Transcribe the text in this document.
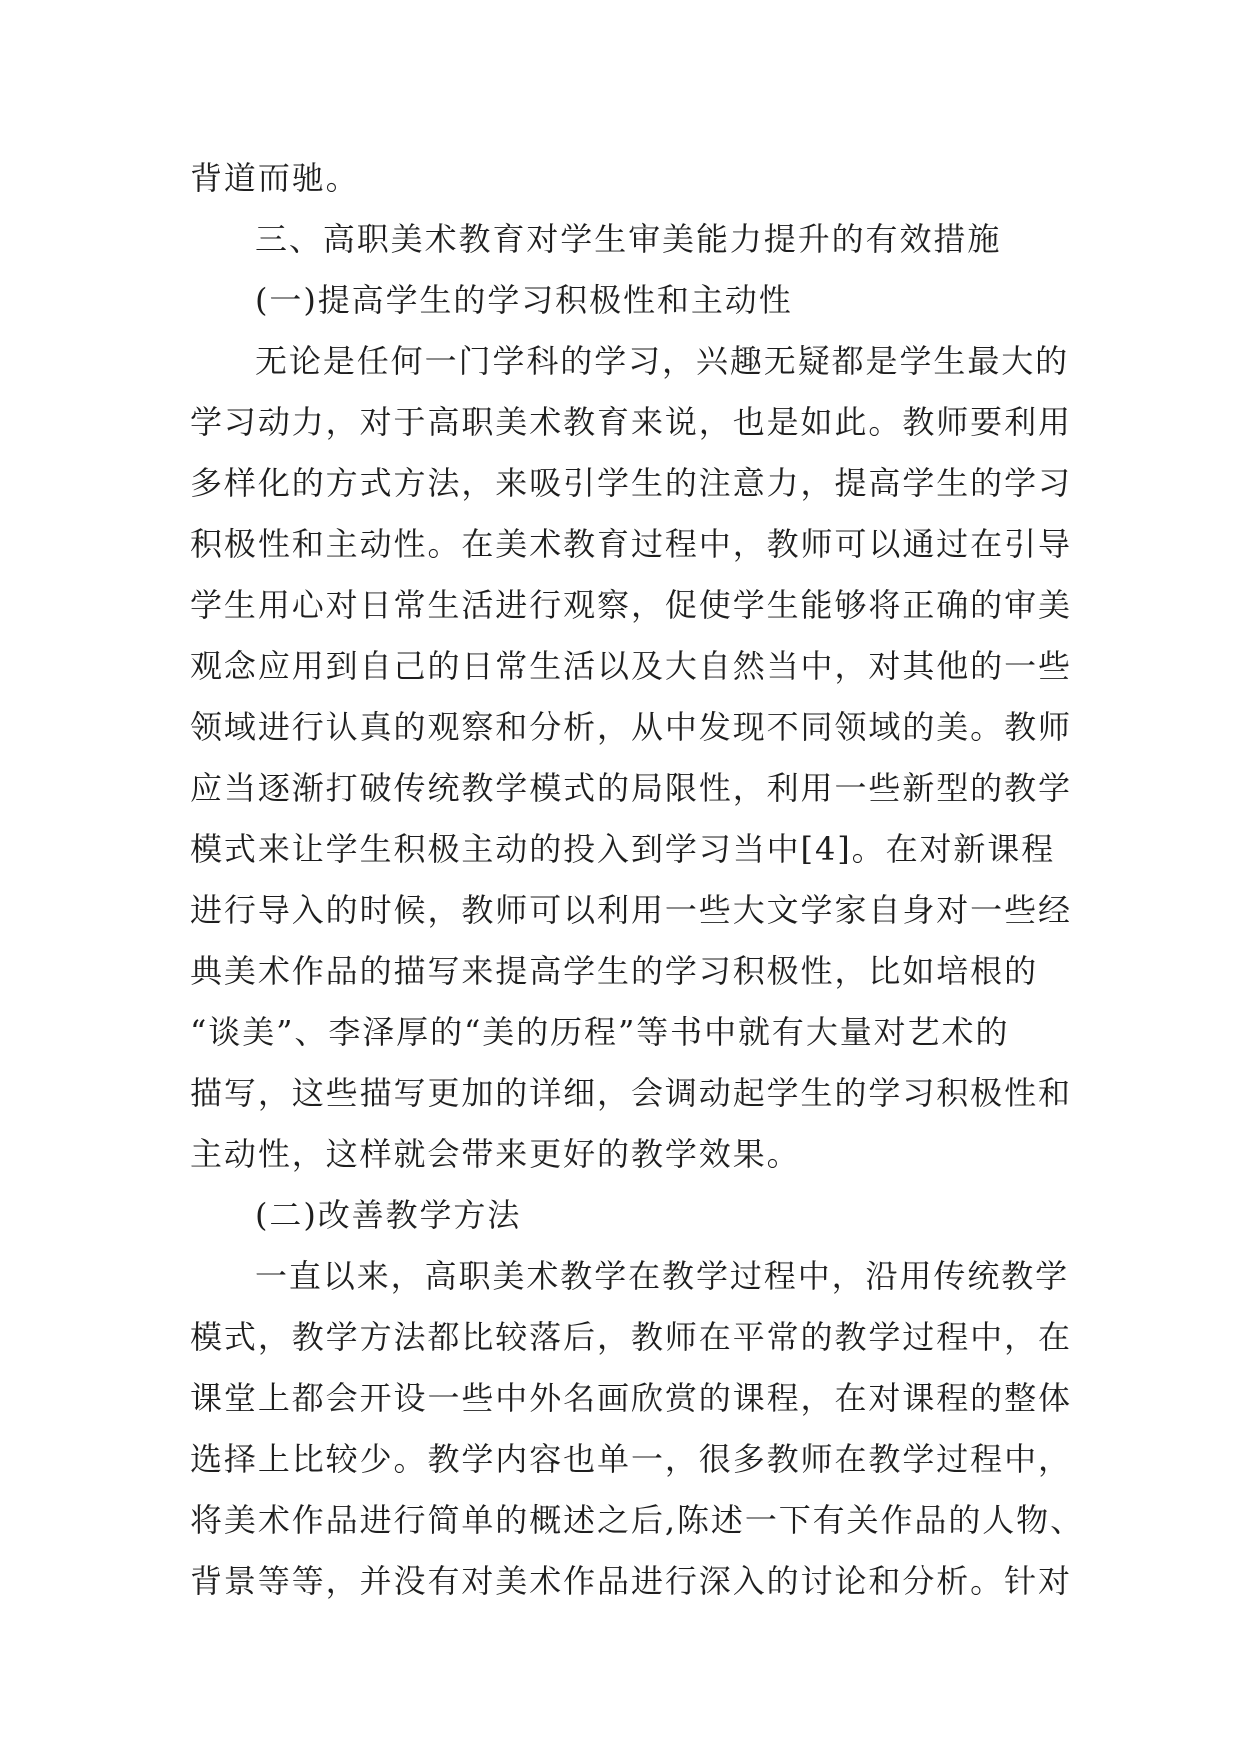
背道而驰。
三、高职美术教育对学生审美能力提升的有效措施
(一)提高学生的学习积极性和主动性
无论是任何一门学科的学习，兴趣无疑都是学生最大的
学习动力，对于高职美术教育来说，也是如此。教师要利用
多样化的方式方法，来吸引学生的注意力，提高学生的学习
积极性和主动性。在美术教育过程中，教师可以通过在引导
学生用心对日常生活进行观察，促使学生能够将正确的审美
观念应用到自己的日常生活以及大自然当中，对其他的一些
领域进行认真的观察和分析，从中发现不同领域的美。教师
应当逐渐打破传统教学模式的局限性，利用一些新型的教学
模式来让学生积极主动的投入到学习当中[4]。在对新课程
进行导入的时候，教师可以利用一些大文学家自身对一些经
典美术作品的描写来提高学生的学习积极性，比如培根的
“谈美”、李泽厚的“美的历程”等书中就有大量对艺术的
描写，这些描写更加的详细，会调动起学生的学习积极性和
主动性，这样就会带来更好的教学效果。
(二)改善教学方法
一直以来，高职美术教学在教学过程中，沿用传统教学
模式，教学方法都比较落后，教师在平常的教学过程中，在
课堂上都会开设一些中外名画欣赏的课程，在对课程的整体
选择上比较少。教学内容也单一，很多教师在教学过程中，
将美术作品进行简单的概述之后,陈述一下有关作品的人物、
背景等等，并没有对美术作品进行深入的讨论和分析。针对
